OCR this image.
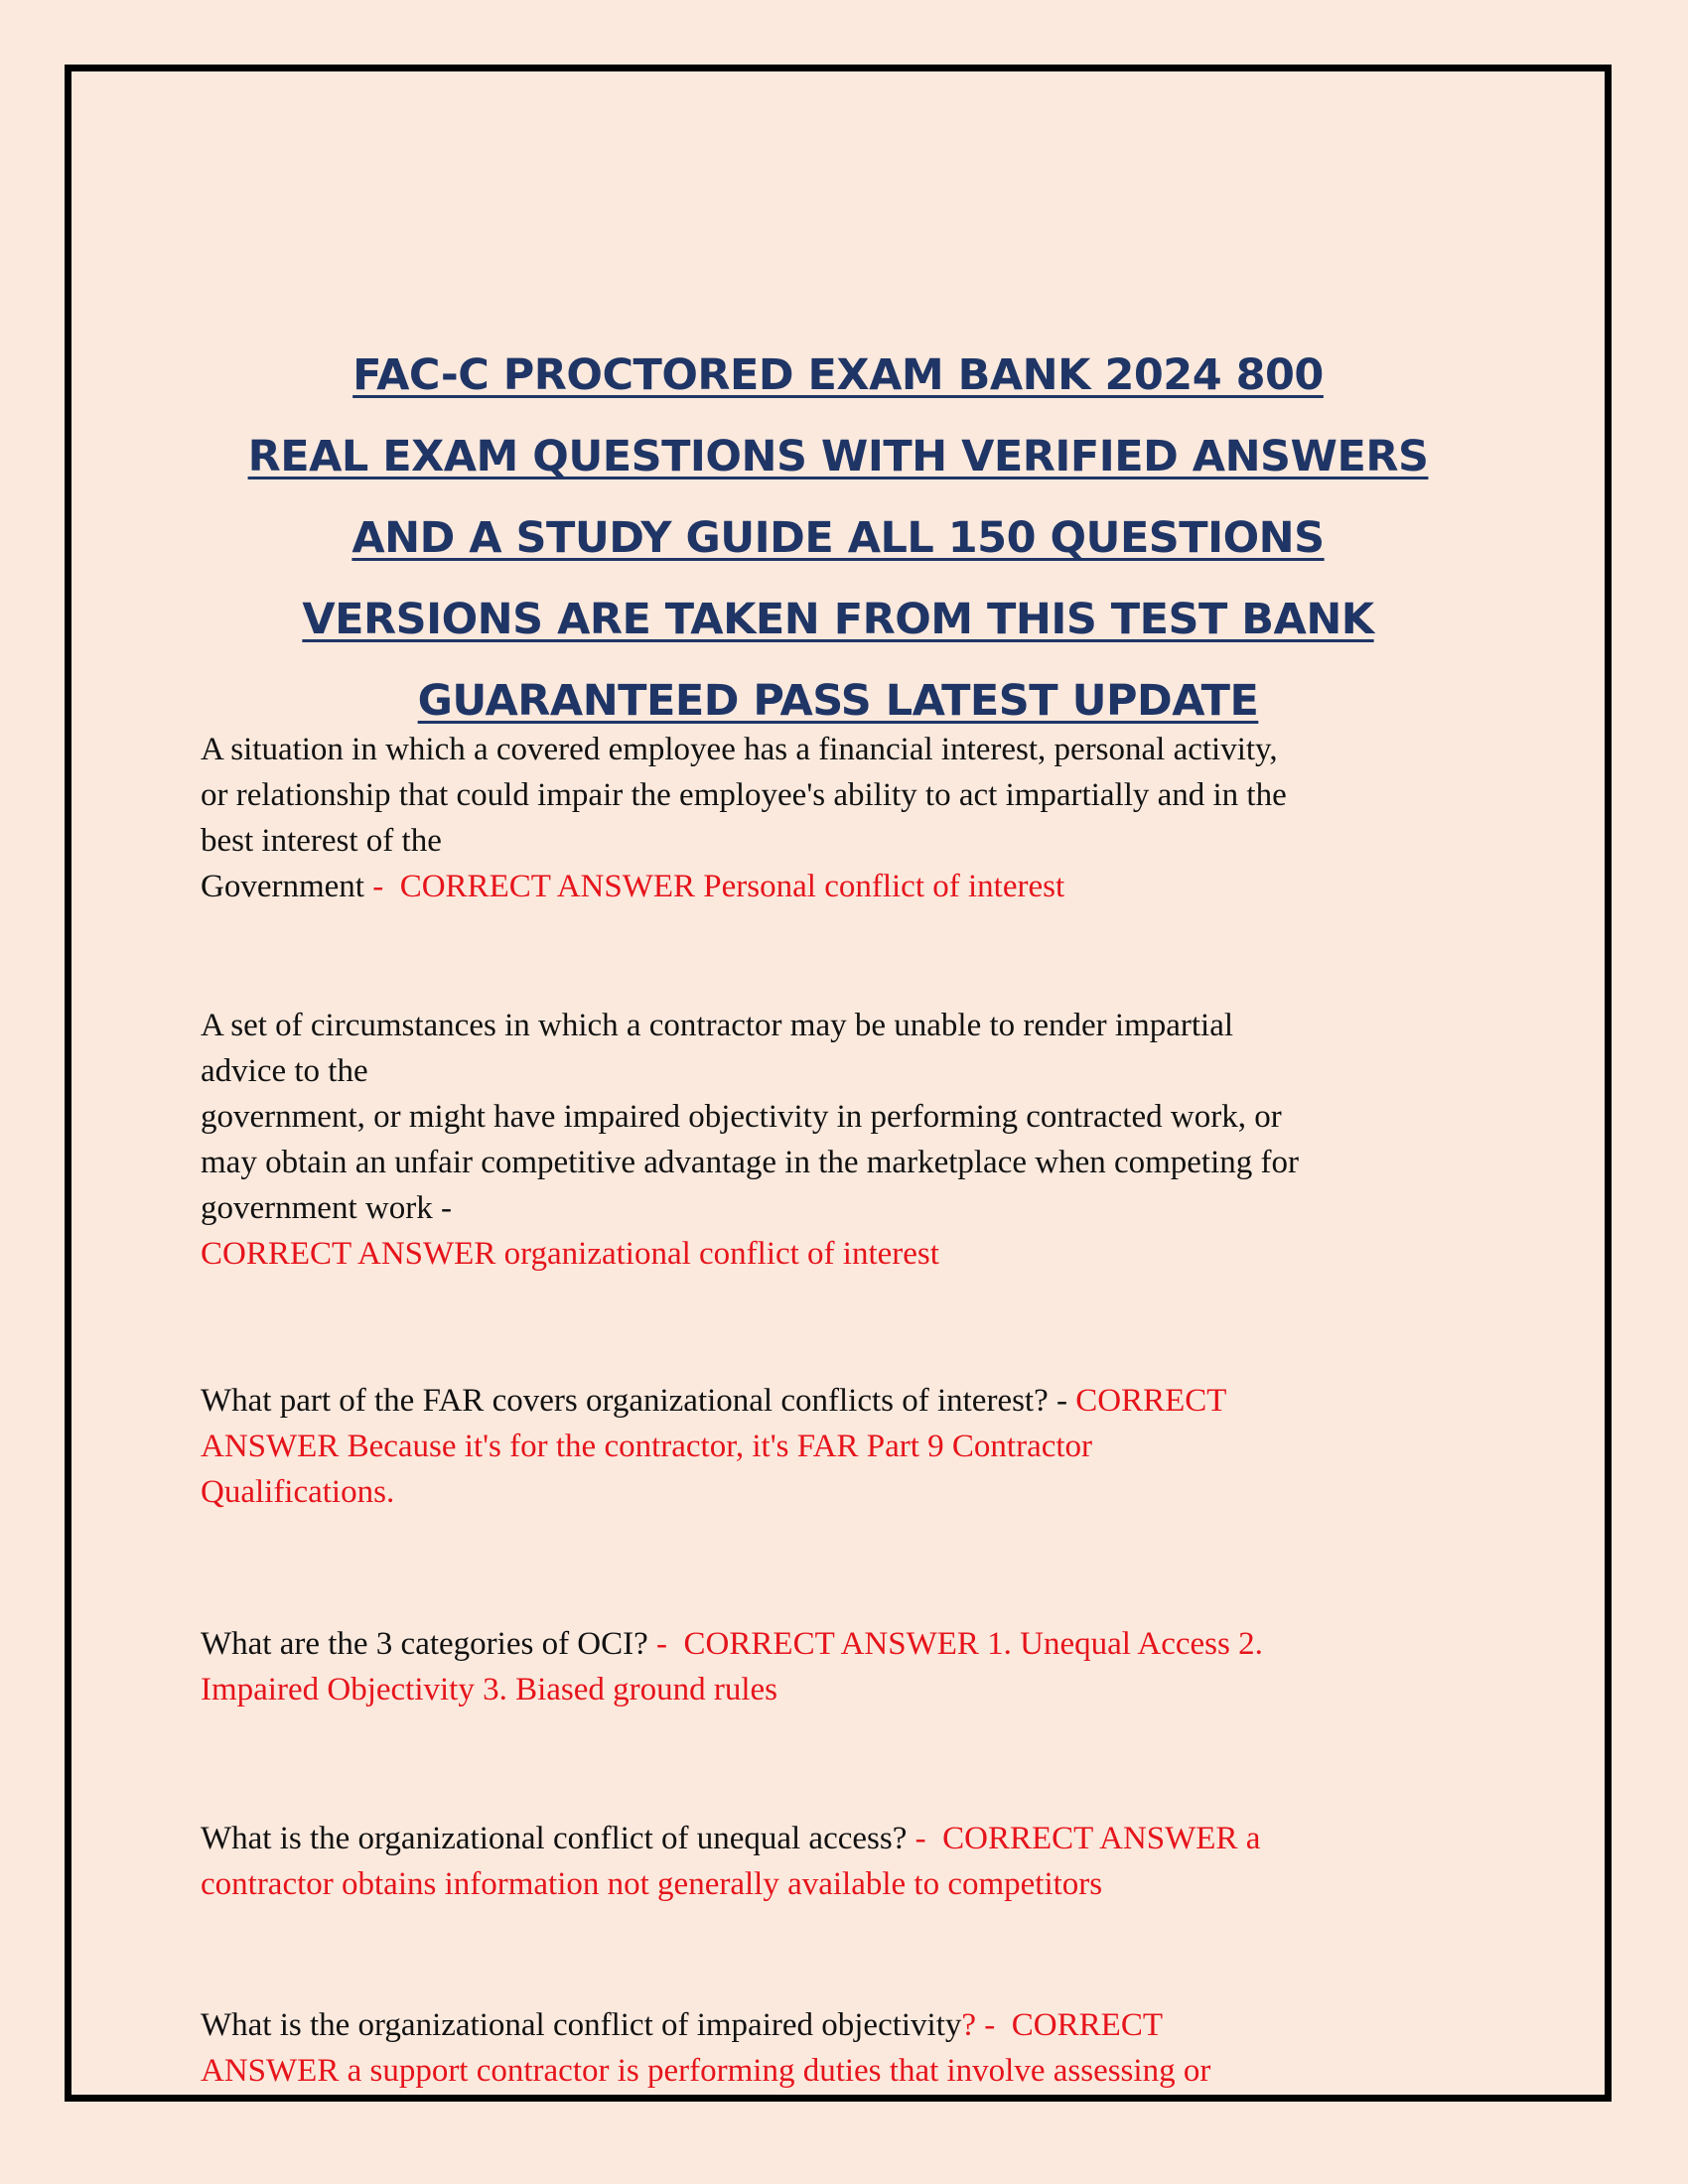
FAC-C PROCTORED EXAM BANK 2024 800
REAL EXAM QUESTIONS WITH VERIFIED ANSWERS
AND A STUDY GUIDE ALL 150 QUESTIONS
VERSIONS ARE TAKEN FROM THIS TEST BANK
GUARANTEED PASS LATEST UPDATE
A situation in which a covered employee has a financial interest, personal activity,
or relationship that could impair the employee's ability to act impartially and in the
best interest of the
Government -  CORRECT ANSWER Personal conflict of interest
A set of circumstances in which a contractor may be unable to render impartial
advice to the
government, or might have impaired objectivity in performing contracted work, or
may obtain an unfair competitive advantage in the marketplace when competing for
government work -
CORRECT ANSWER organizational conflict of interest
What part of the FAR covers organizational conflicts of interest? - CORRECT
ANSWER Because it's for the contractor, it's FAR Part 9 Contractor
Qualifications.
What are the 3 categories of OCI? -  CORRECT ANSWER 1. Unequal Access 2.
Impaired Objectivity 3. Biased ground rules
What is the organizational conflict of unequal access? -  CORRECT ANSWER a
contractor obtains information not generally available to competitors
What is the organizational conflict of impaired objectivity? -  CORRECT
ANSWER a support contractor is performing duties that involve assessing or
